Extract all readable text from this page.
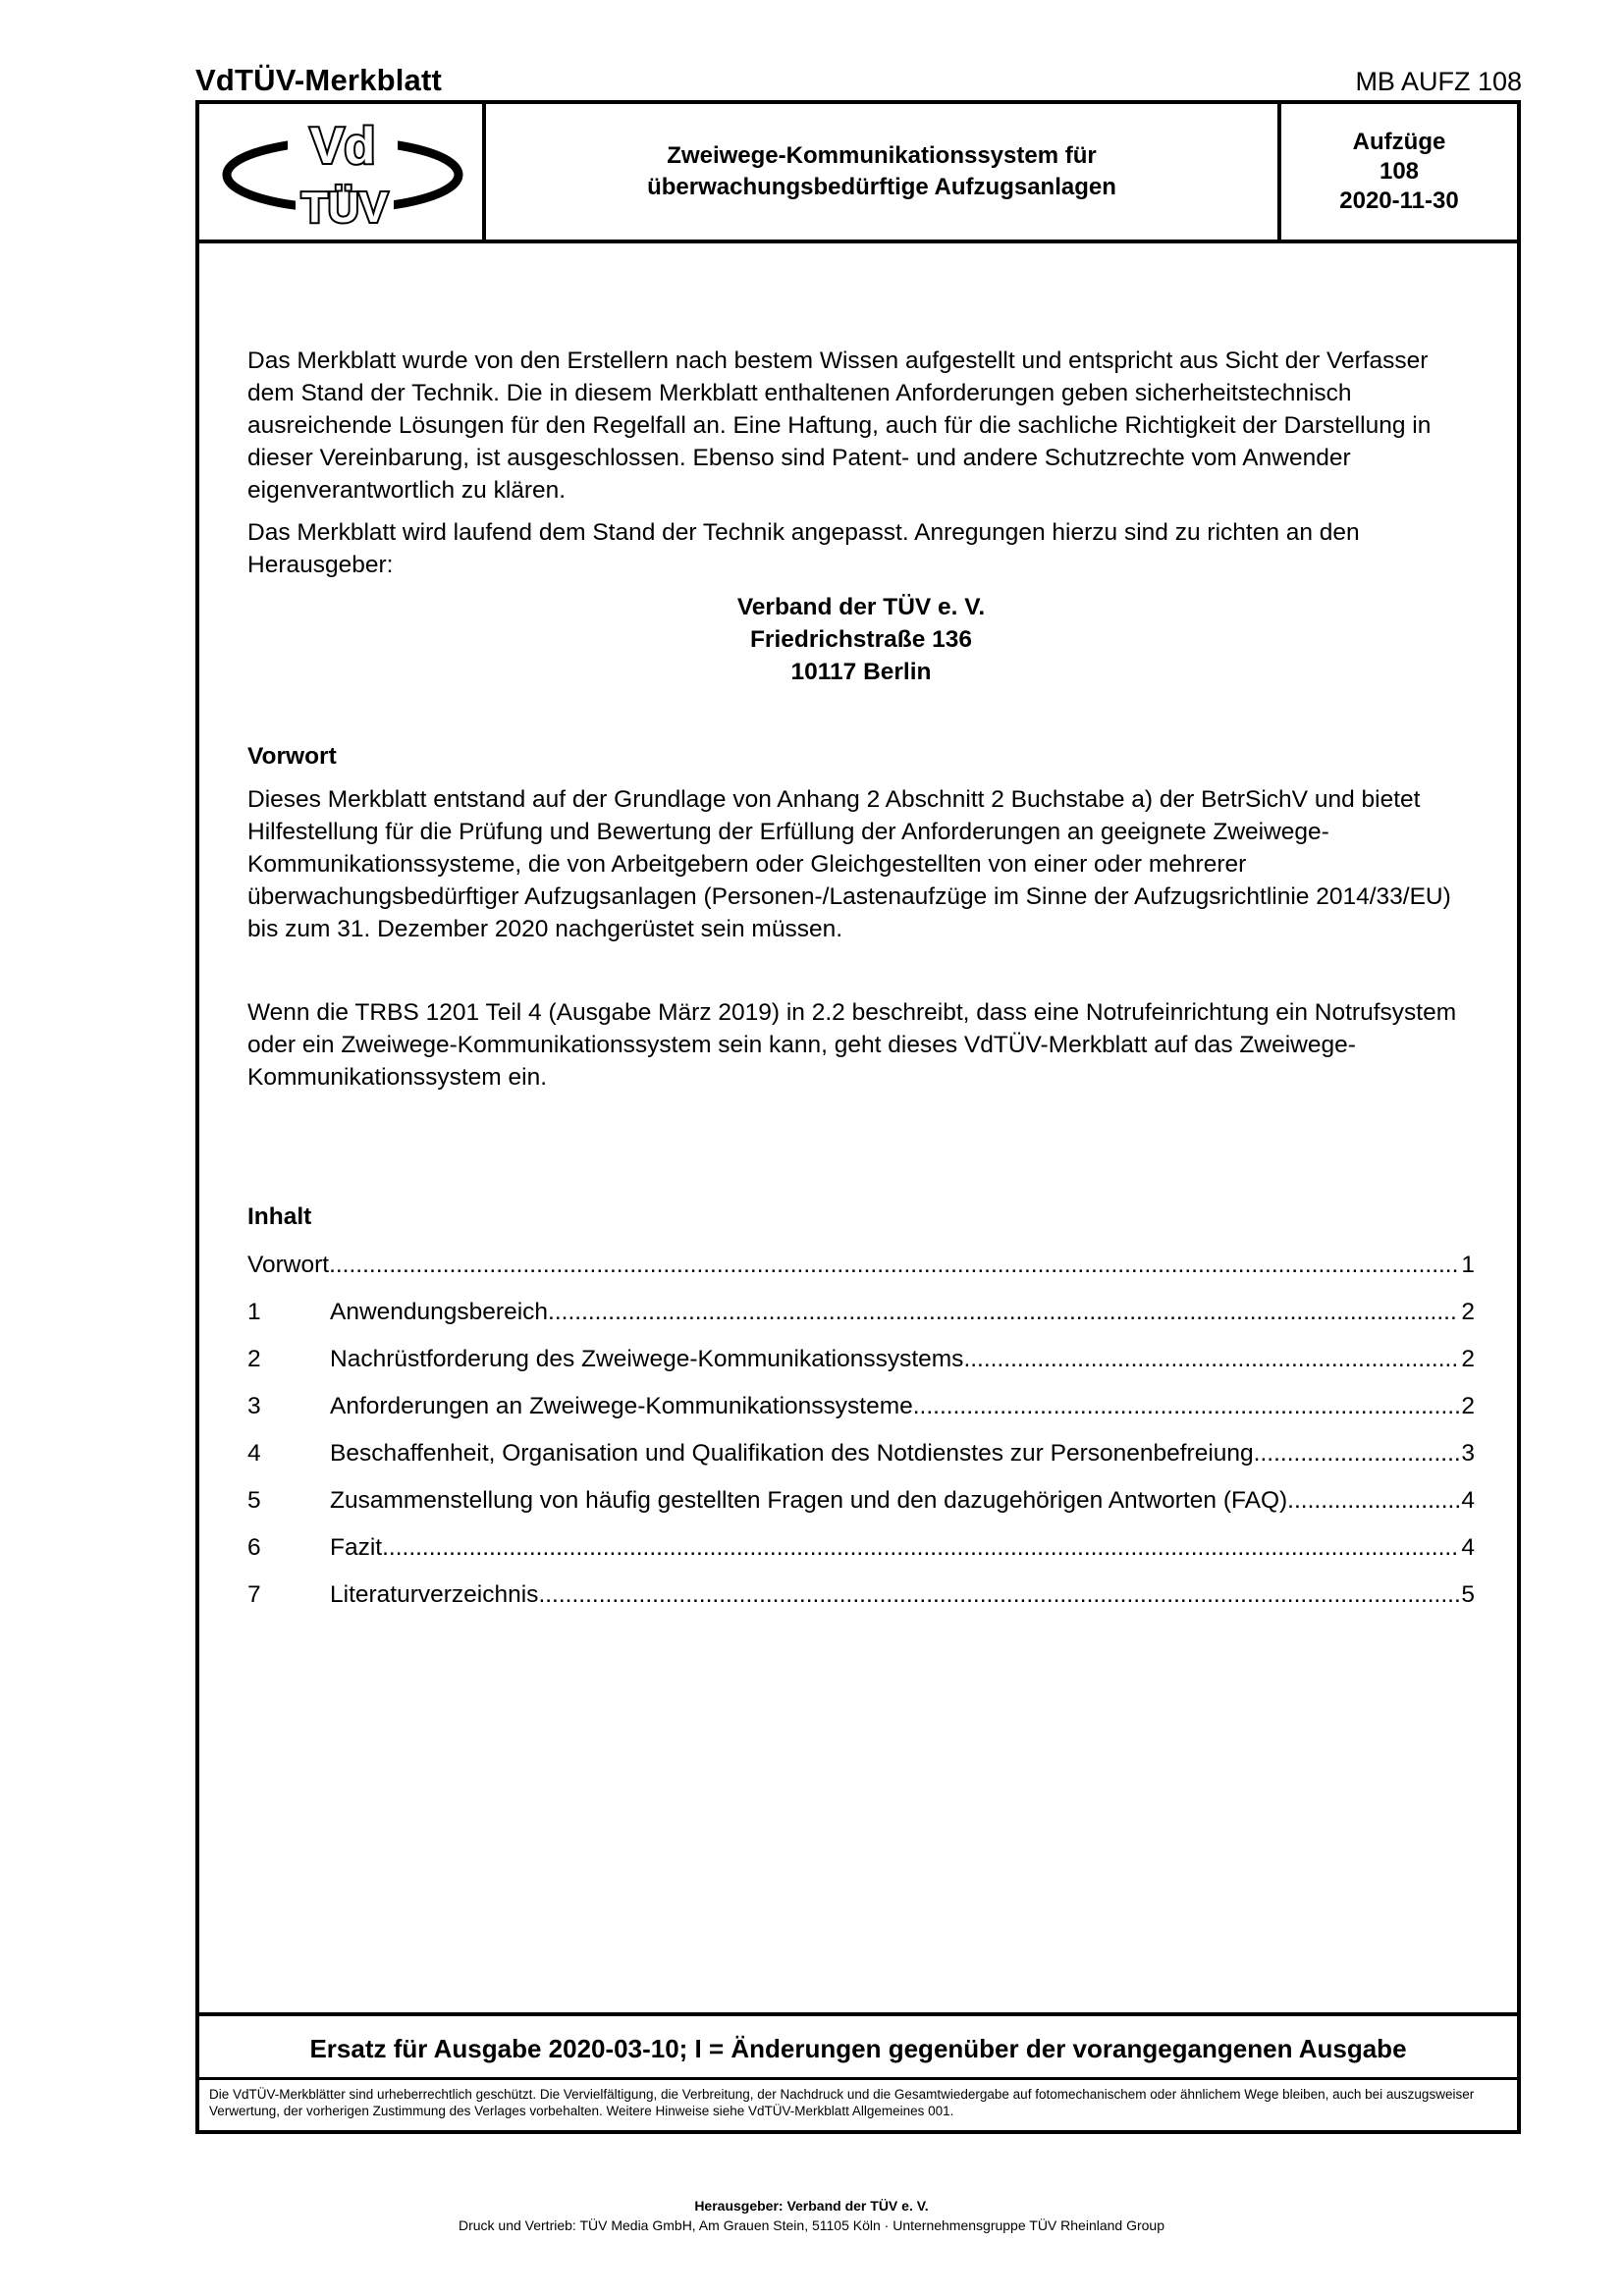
VdTÜV-Merkblatt	MB AUFZ 108
Vd
TÜV
Zweiwege-Kommunikationssystem für
überwachungsbedürftige Aufzugsanlagen
Aufzüge
108
2020-11-30

Das Merkblatt wurde von den Erstellern nach bestem Wissen aufgestellt und entspricht aus Sicht der Verfasser dem Stand der Technik. Die in diesem Merkblatt enthaltenen Anforderungen geben sicherheitstechnisch ausreichende Lösungen für den Regelfall an. Eine Haftung, auch für die sachliche Richtigkeit der Darstellung in dieser Vereinbarung, ist ausgeschlossen. Ebenso sind Patent- und andere Schutzrechte vom Anwender eigenverantwortlich zu klären.

Das Merkblatt wird laufend dem Stand der Technik angepasst. Anregungen hierzu sind zu richten an den Herausgeber:

Verband der TÜV e. V.
Friedrichstraße 136
10117 Berlin

Vorwort

Dieses Merkblatt entstand auf der Grundlage von Anhang 2 Abschnitt 2 Buchstabe a) der BetrSichV und bietet Hilfestellung für die Prüfung und Bewertung der Erfüllung der Anforderungen an geeignete Zweiwege-Kommunikationssysteme, die von Arbeitgebern oder Gleichgestellten von einer oder mehrerer überwachungsbedürftiger Aufzugsanlagen (Personen-/Lastenaufzüge im Sinne der Aufzugsrichtlinie 2014/33/EU) bis zum 31. Dezember 2020 nachgerüstet sein müssen.

Wenn die TRBS 1201 Teil 4 (Ausgabe März 2019) in 2.2 beschreibt, dass eine Notrufeinrichtung ein Notrufsystem oder ein Zweiwege-Kommunikationssystem sein kann, geht dieses VdTÜV-Merkblatt auf das Zweiwege-Kommunikationssystem ein.

Inhalt

Vorwort .....	1
1	Anwendungsbereich .....	2
2	Nachrüstforderung des Zweiwege-Kommunikationssystems .....	2
3	Anforderungen an Zweiwege-Kommunikationssysteme .....	2
4	Beschaffenheit, Organisation und Qualifikation des Notdienstes zur Personenbefreiung .....	3
5	Zusammenstellung von häufig gestellten Fragen und den dazugehörigen Antworten (FAQ) .....	4
6	Fazit .....	4
7	Literaturverzeichnis .....	5
Ersatz für Ausgabe 2020-03-10; I = Änderungen gegenüber der vorangegangenen Ausgabe
Die VdTÜV-Merkblätter sind urheberrechtlich geschützt. Die Vervielfältigung, die Verbreitung, der Nachdruck und die Gesamtwiedergabe auf fotomechanischem oder ähnlichem Wege bleiben, auch bei auszugsweiser Verwertung, der vorherigen Zustimmung des Verlages vorbehalten. Weitere Hinweise siehe VdTÜV-Merkblatt Allgemeines 001.
Herausgeber: Verband der TÜV e. V.
Druck und Vertrieb: TÜV Media GmbH, Am Grauen Stein, 51105 Köln · Unternehmensgruppe TÜV Rheinland Group
